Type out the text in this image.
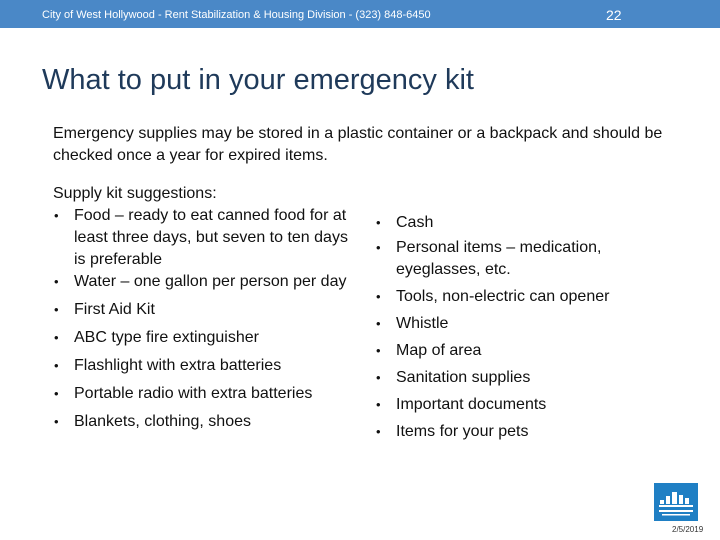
City of West Hollywood - Rent Stabilization & Housing Division - (323) 848-6450	22
What to put in your emergency kit
Emergency supplies may be stored in a plastic container or a backpack and should be checked once a year for expired items.
Supply kit suggestions:
• Food – ready to eat canned food for at least three days, but seven to ten days is preferable
• Water – one gallon per person per day
• First Aid Kit
• ABC type fire extinguisher
• Flashlight with extra batteries
• Portable radio with extra batteries
• Blankets, clothing, shoes
• Cash
• Personal items – medication, eyeglasses, etc.
• Tools, non-electric can opener
• Whistle
• Map of area
• Sanitation supplies
• Important documents
• Items for your pets
2/5/2019
